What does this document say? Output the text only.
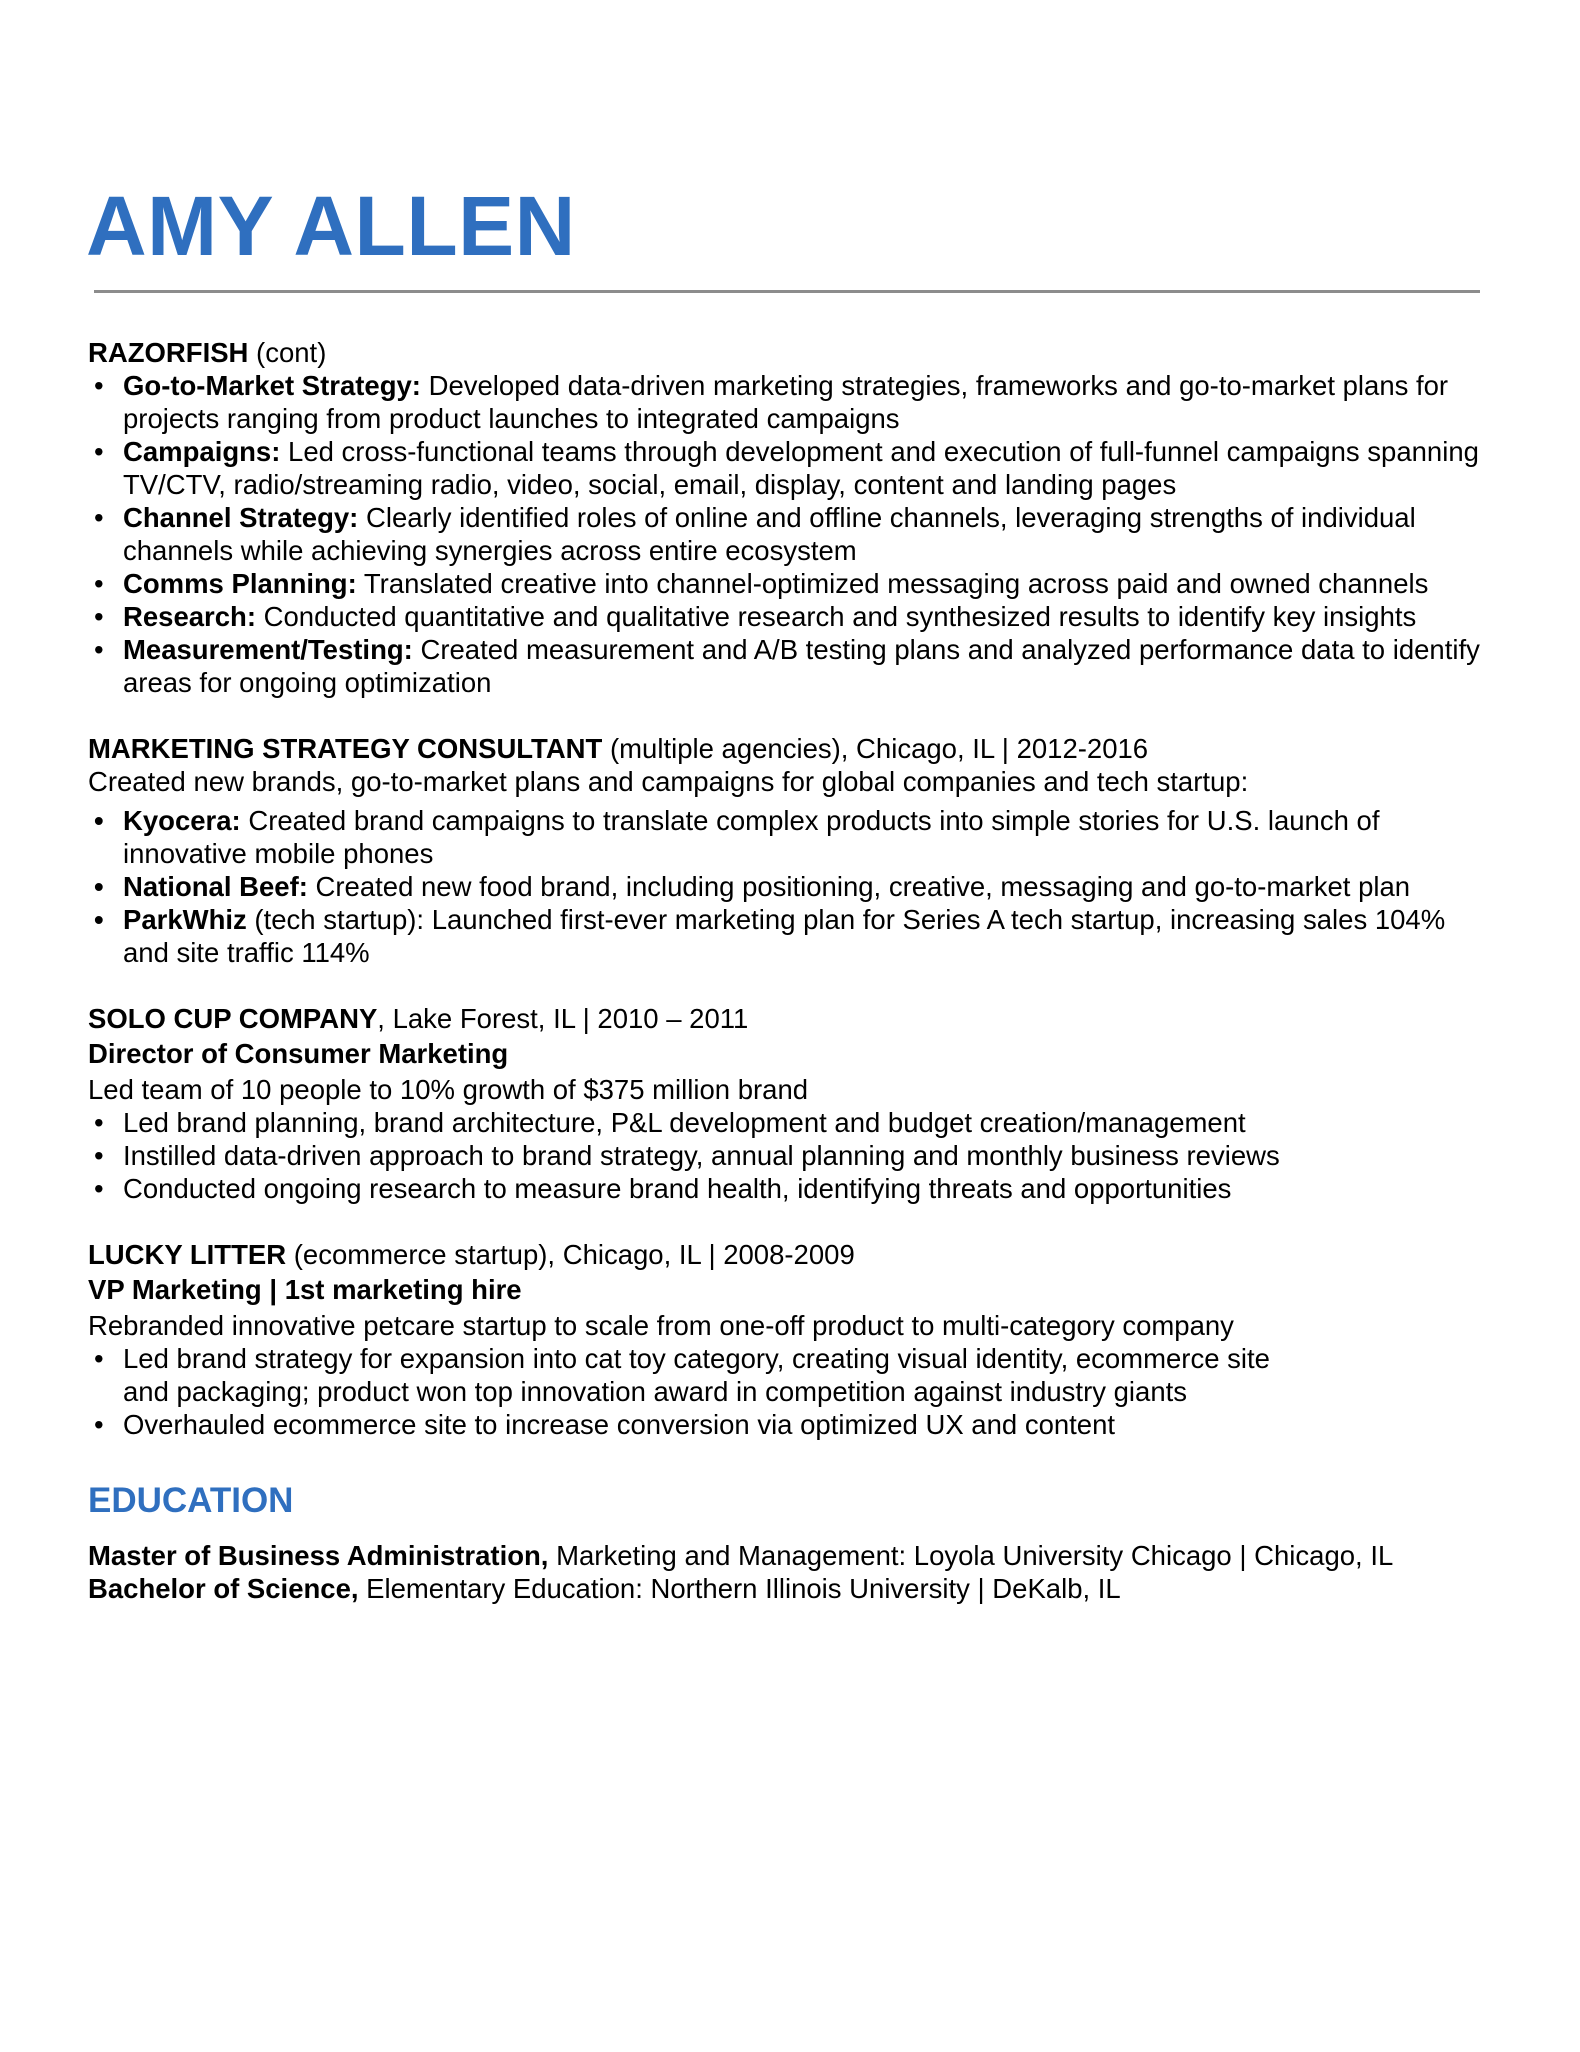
AMY ALLEN

RAZORFISH (cont)

• Go-to-Market Strategy: Developed data-driven marketing strategies, frameworks and go-to-market plans for projects ranging from product launches to integrated campaigns
• Campaigns: Led cross-functional teams through development and execution of full-funnel campaigns spanning TV/CTV, radio/streaming radio, video, social, email, display, content and landing pages
• Channel Strategy: Clearly identified roles of online and offline channels, leveraging strengths of individual channels while achieving synergies across entire ecosystem
• Comms Planning: Translated creative into channel-optimized messaging across paid and owned channels
• Research: Conducted quantitative and qualitative research and synthesized results to identify key insights
• Measurement/Testing: Created measurement and A/B testing plans and analyzed performance data to identify areas for ongoing optimization

MARKETING STRATEGY CONSULTANT (multiple agencies), Chicago, IL | 2012-2016

Created new brands, go-to-market plans and campaigns for global companies and tech startup:

• Kyocera: Created brand campaigns to translate complex products into simple stories for U.S. launch of innovative mobile phones
• National Beef: Created new food brand, including positioning, creative, messaging and go-to-market plan
• ParkWhiz (tech startup): Launched first-ever marketing plan for Series A tech startup, increasing sales 104% and site traffic 114%

SOLO CUP COMPANY, Lake Forest, IL | 2010 – 2011

Director of Consumer Marketing

Led team of 10 people to 10% growth of $375 million brand

• Led brand planning, brand architecture, P&L development and budget creation/management
• Instilled data-driven approach to brand strategy, annual planning and monthly business reviews
• Conducted ongoing research to measure brand health, identifying threats and opportunities

LUCKY LITTER (ecommerce startup), Chicago, IL | 2008-2009

VP Marketing | 1st marketing hire

Rebranded innovative petcare startup to scale from one-off product to multi-category company

• Led brand strategy for expansion into cat toy category, creating visual identity, ecommerce site
and packaging; product won top innovation award in competition against industry giants
• Overhauled ecommerce site to increase conversion via optimized UX and content
EDUCATION

Master of Business Administration, Marketing and Management: Loyola University Chicago | Chicago, IL

Bachelor of Science, Elementary Education: Northern Illinois University | DeKalb, IL
